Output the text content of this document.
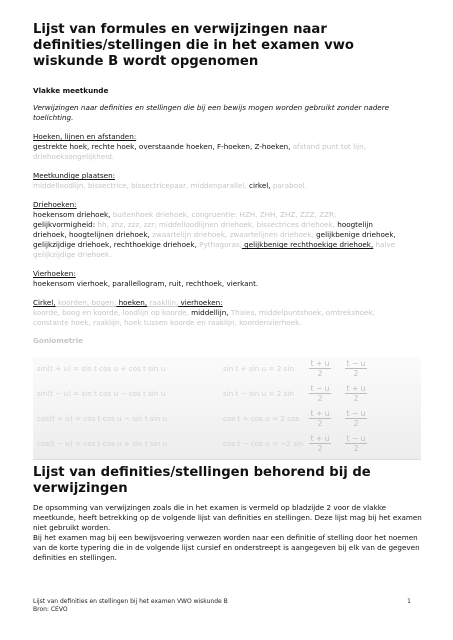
Lijst van formules en verwijzingen naar definities/stellingen die in het examen vwo wiskunde B wordt opgenomen
Vlakke meetkunde
Verwijzingen naar definities en stellingen die bij een bewijs mogen worden gebruikt zonder nadere toelichting.
Hoeken, lijnen en afstanden:
gestrekte hoek, rechte hoek, overstaande hoeken, F-hoeken, Z-hoeken, afstand punt tot lijn, driehoeksongelijkheid.
Meetkundige plaatsen:
middelloodlijn, bissectrice, bissectricepaar, middenparallel, cirkel, parabool.
Driehoeken:
hoekensom driehoek, buitenhoek driehoek, congruentie: HZH, ZHH, ZHZ, ZZZ, ZZR;
gelijkvormigheid: hh, zhz, zzz, zzr; middelloodlijnen driehoek, bissectrices driehoek, hoogtelijn
driehoek, hoogtelijnen driehoek, zwaartelijn driehoek, zwaartelijnen driehoek, gelijkbenige driehoek,
gelijkzijdige driehoek, rechthoekige driehoek, Pythagoras, gelijkbenige rechthoekige driehoek, halve
gelijkzijdige driehoek.
Vierhoeken:
hoekensom vierhoek, parallellogram, ruit, rechthoek, vierkant.
Cirkel, koorden, bogen, hoeken, raaklijn, vierhoeken:
koorde, boog en koorde, loodlijn op koorde, middellijn, Thales, middelpuntshoek, omtrekshoek,
constante hoek, raaklijn, hoek tussen koorde en raaklijn, koordenvierhoek.
Goniometrie
sin(t + u) = sin t cos u + cos t sin u	sin t + sin u = 2 $\sin \frac{t + u}{2} \frac{t - u}{2}$
sin(t − u) = sin t cos u − cos t sin u	sin t − sin u = 2 $\sin \frac{t - u}{2} \frac{t + u}{2}$
cos(t + u) = cos t cos u − sin t sin u	cos t + cos u = 2 $\cos \frac{t + u}{2} \frac{t - u}{2}$
cos(t − u) = cos t cos u + sin t sin u	cos t − cos u = −2 $\sin \frac{t + u}{2} \frac{t - u}{2}$
Lijst van definities/stellingen behorend bij de verwijzingen
De opsomming van verwijzingen zoals die in het examen is vermeld op bladzijde 2 voor de vlakke meetkunde, heeft betrekking op de volgende lijst van definities en stellingen. Deze lijst mag bij het examen niet gebruikt worden.
Bij het examen mag bij een bewijsvoering verwezen worden naar een definitie of stelling door het noemen van de korte typering die in de volgende lijst cursief en onderstreept is aangegeven bij elk van de gegeven definities en stellingen.
Lijst van definities en stellingen bij het examen VWO wiskunde B
Bron: CEVO
1
